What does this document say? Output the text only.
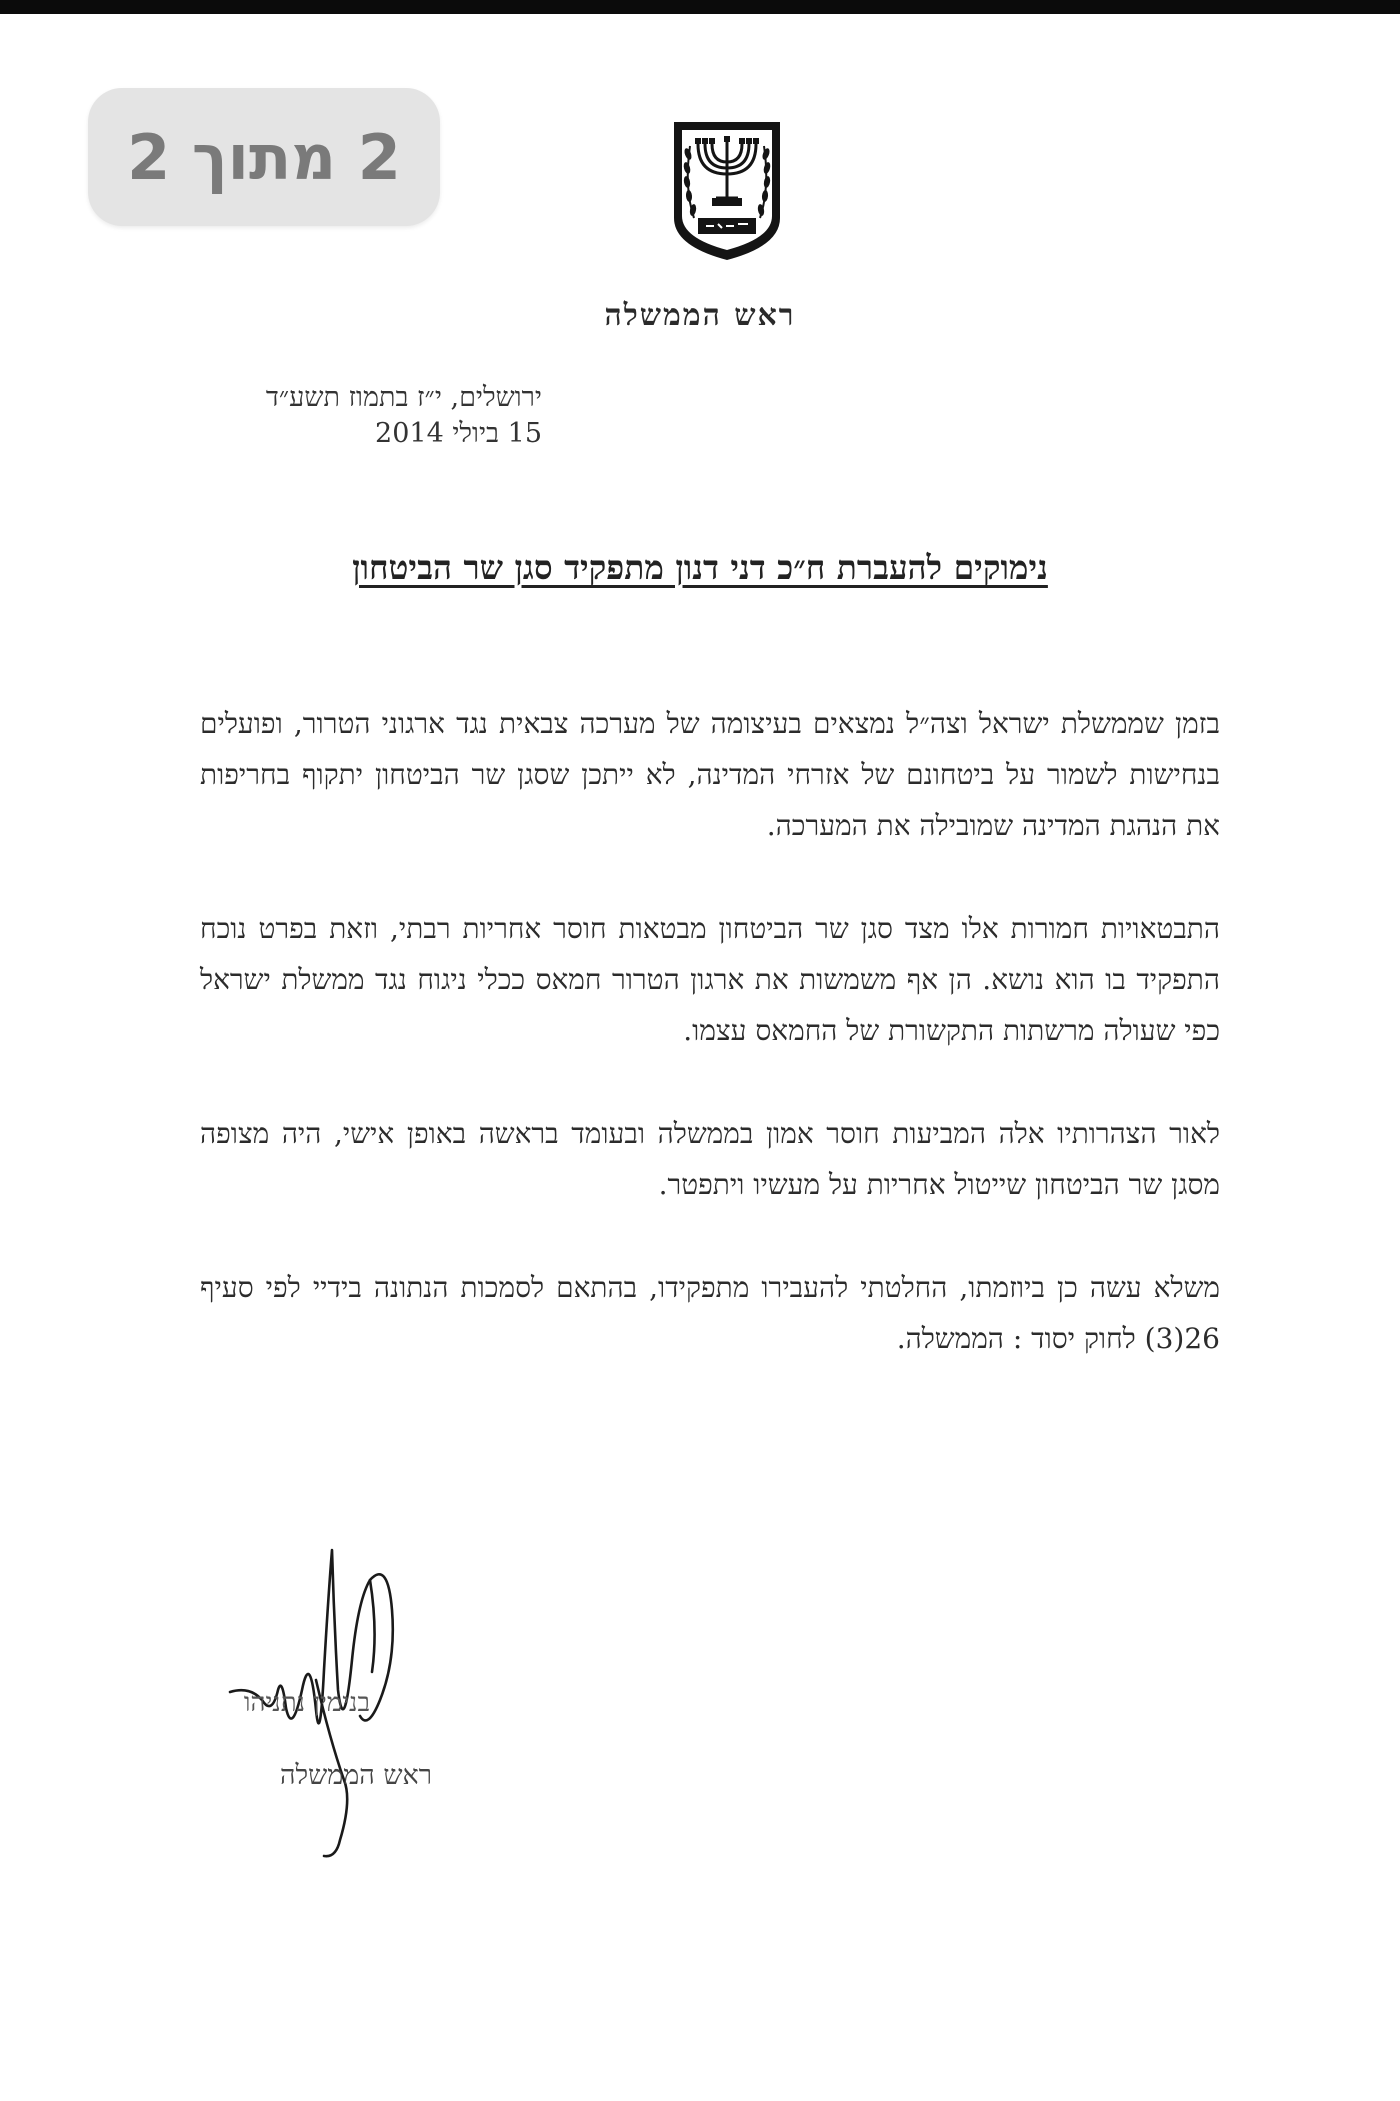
2 מתוך 2
ראש הממשלה
ירושלים, י״ז בתמוז תשע״ד
15 ביולי 2014
נימוקים להעברת ח״כ דני דנון מתפקיד סגן שר הביטחון

בזמן שממשלת ישראל וצה״ל נמצאים בעיצומה של מערכה צבאית נגד ארגוני הטרור, ופועלים בנחישות לשמור על ביטחונם של אזרחי המדינה, לא ייתכן שסגן שר הביטחון יתקוף בחריפות את הנהגת המדינה שמובילה את המערכה.

התבטאויות חמורות אלו מצד סגן שר הביטחון מבטאות חוסר אחריות רבתי, וזאת בפרט נוכח התפקיד בו הוא נושא. הן אף משמשות את ארגון הטרור חמאס ככלי ניגוח נגד ממשלת ישראל כפי שעולה מרשתות התקשורת של החמאס עצמו.

לאור הצהרותיו אלה המביעות חוסר אמון בממשלה ובעומד בראשה באופן אישי, היה מצופה מסגן שר הביטחון שייטול אחריות על מעשיו ויתפטר.

משלא עשה כן ביוזמתו, החלטתי להעבירו מתפקידו, בהתאם לסמכות הנתונה בידיי לפי סעיף 26(3) לחוק יסוד : הממשלה.

בנימין נתניהו
ראש הממשלה
